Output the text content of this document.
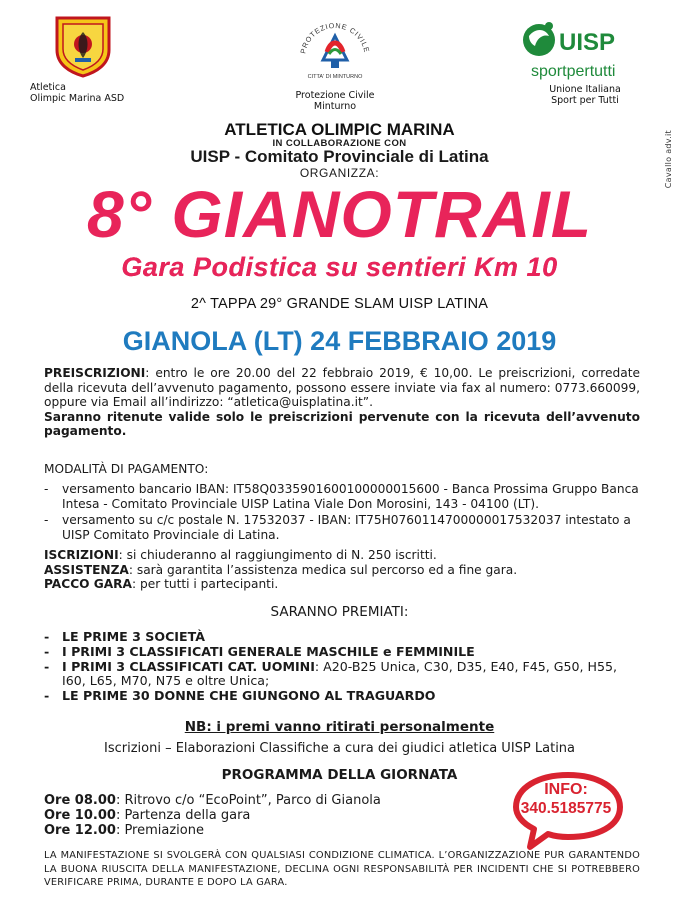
Atletica
Olimpic Marina ASD
PROTEZIONE CIVILE
CITTA' DI MINTURNO
Protezione Civile
Minturno
UISP
sportpertutti
Unione Italiana
Sport per Tutti
Cavallo adv.it
ATLETICA OLIMPIC MARINA
IN COLLABORAZIONE CON
UISP - Comitato Provinciale di Latina
ORGANIZZA:
8° GIANOTRAIL
Gara Podistica su sentieri Km 10
2^ TAPPA 29° GRANDE SLAM UISP LATINA
GIANOLA (LT) 24 FEBBRAIO 2019

PREISCRIZIONI: entro le ore 20.00 del 22 febbraio 2019, € 10,00. Le preiscrizioni, corredate della ricevuta dell’avvenuto pagamento, possono essere inviate via fax al numero: 0773.660099, oppure via Email all’indirizzo: “atletica@uisplatina.it”.

Saranno ritenute valide solo le preiscrizioni pervenute con la ricevuta dell’avvenuto pagamento.

MODALITÀ DI PAGAMENTO:
-	versamento bancario IBAN: IT58Q0335901600100000015600 - Banca Prossima Gruppo Banca Intesa - Comitato Provinciale UISP Latina Viale Don Morosini, 143 - 04100 (LT).
-	versamento su c/c postale N. 17532037 - IBAN: IT75H0760114700000017532037 intestato a UISP Comitato Provinciale di Latina.
ISCRIZIONI: si chiuderanno al raggiungimento di N. 250 iscritti.
ASSISTENZA: sarà garantita l’assistenza medica sul percorso ed a fine gara.
PACCO GARA: per tutti i partecipanti.
SARANNO PREMIATI:
-	LE PRIME 3 SOCIETÀ
-	I PRIMI 3 CLASSIFICATI GENERALE MASCHILE e FEMMINILE
-	I PRIMI 3 CLASSIFICATI CAT. UOMINI: A20-B25 Unica, C30, D35, E40, F45, G50, H55, I60, L65, M70, N75 e oltre Unica;
-	LE PRIME 30 DONNE CHE GIUNGONO AL TRAGUARDO
NB: i premi vanno ritirati personalmente
Iscrizioni – Elaborazioni Classifiche a cura dei giudici atletica UISP Latina
PROGRAMMA DELLA GIORNATA
Ore 08.00: Ritrovo c/o “EcoPoint”, Parco di Gianola
Ore 10.00: Partenza della gara
Ore 12.00: Premiazione
INFO:
340.5185775
LA MANIFESTAZIONE SI SVOLGERÀ CON QUALSIASI CONDIZIONE CLIMATICA. L’ORGANIZZAZIONE PUR GARANTENDO LA BUONA RIUSCITA DELLA MANIFESTAZIONE, DECLINA OGNI RESPONSABILITÀ PER INCIDENTI CHE SI POTREBBERO VERIFICARE PRIMA, DURANTE E DOPO LA GARA.
